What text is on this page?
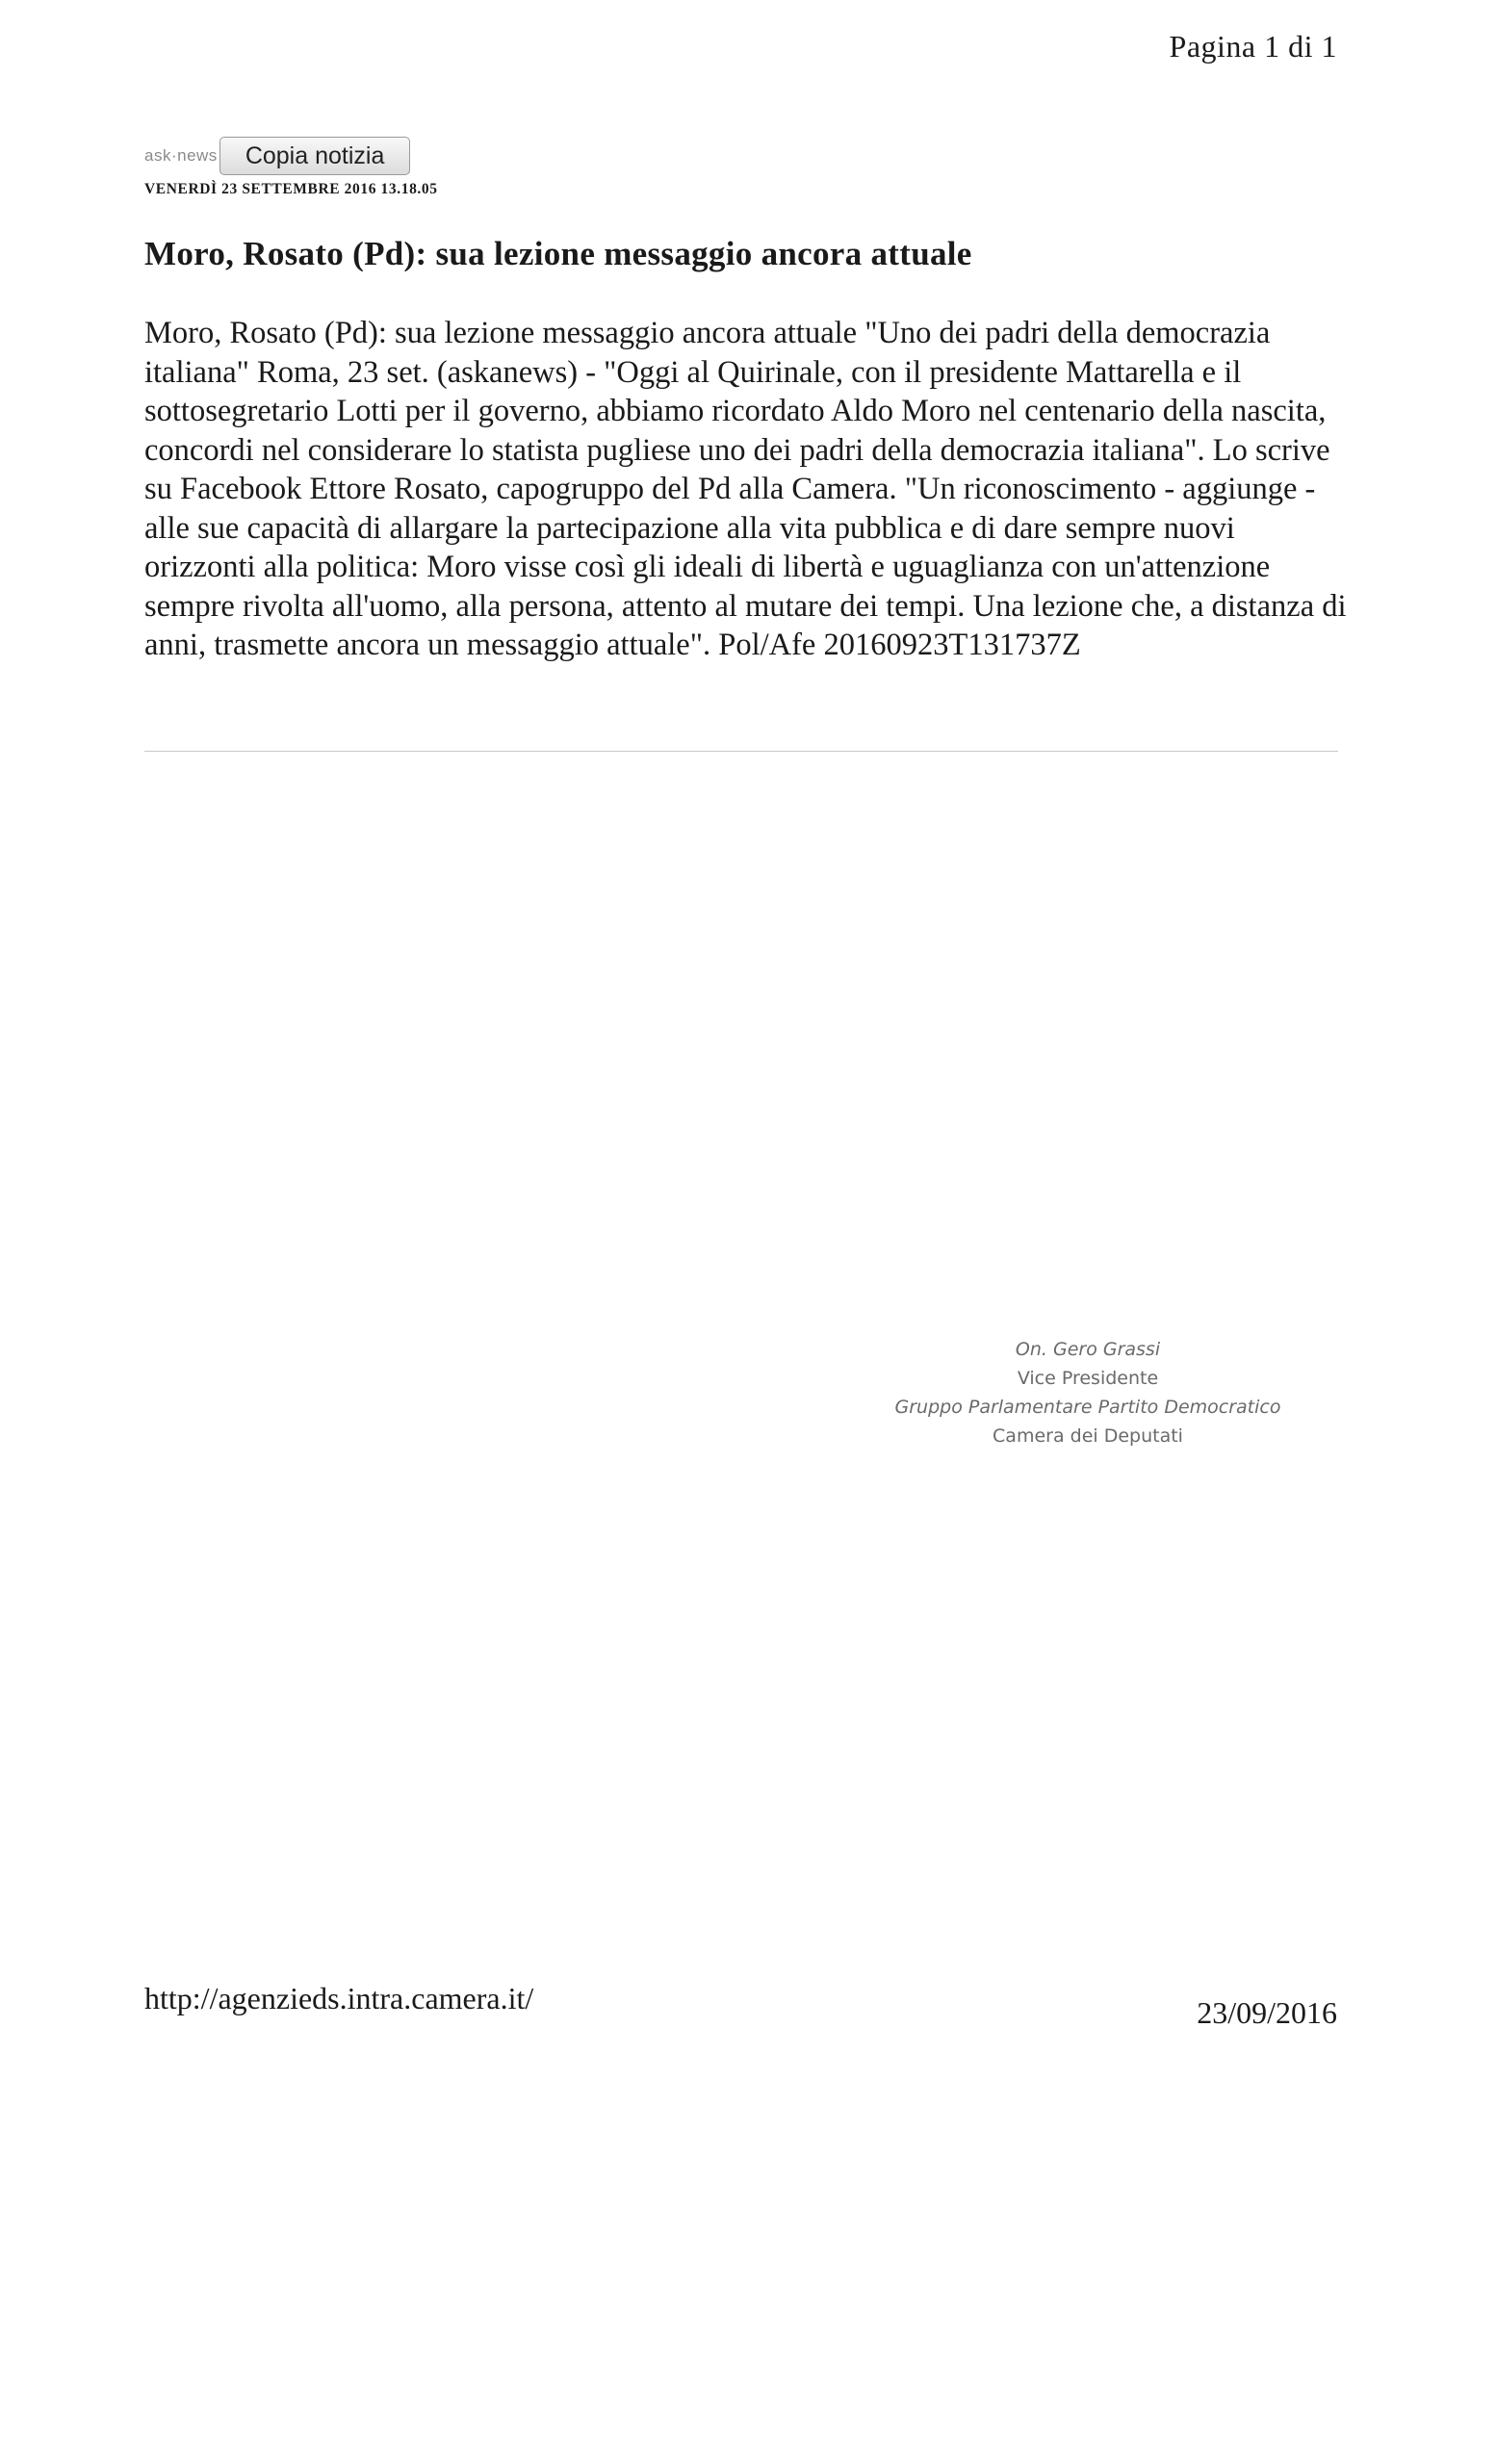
Pagina 1 di 1
ask·news	Copia notizia
VENERDÌ 23 SETTEMBRE 2016 13.18.05
Moro, Rosato (Pd): sua lezione messaggio ancora attuale

Moro, Rosato (Pd): sua lezione messaggio ancora attuale "Uno dei padri della democrazia italiana" Roma, 23 set. (askanews) - "Oggi al Quirinale, con il presidente Mattarella e il sottosegretario Lotti per il governo, abbiamo ricordato Aldo Moro nel centenario della nascita, concordi nel considerare lo statista pugliese uno dei padri della democrazia italiana". Lo scrive su Facebook Ettore Rosato, capogruppo del Pd alla Camera. "Un riconoscimento - aggiunge - alle sue capacità di allargare la partecipazione alla vita pubblica e di dare sempre nuovi orizzonti alla politica: Moro visse così gli ideali di libertà e uguaglianza con un'attenzione sempre rivolta all'uomo, alla persona, attento al mutare dei tempi. Una lezione che, a distanza di anni, trasmette ancora un messaggio attuale". Pol/Afe 20160923T131737Z

On. Gero Grassi
Vice Presidente
Gruppo Parlamentare Partito Democratico
Camera dei Deputati
http://agenzieds.intra.camera.it/	23/09/2016
